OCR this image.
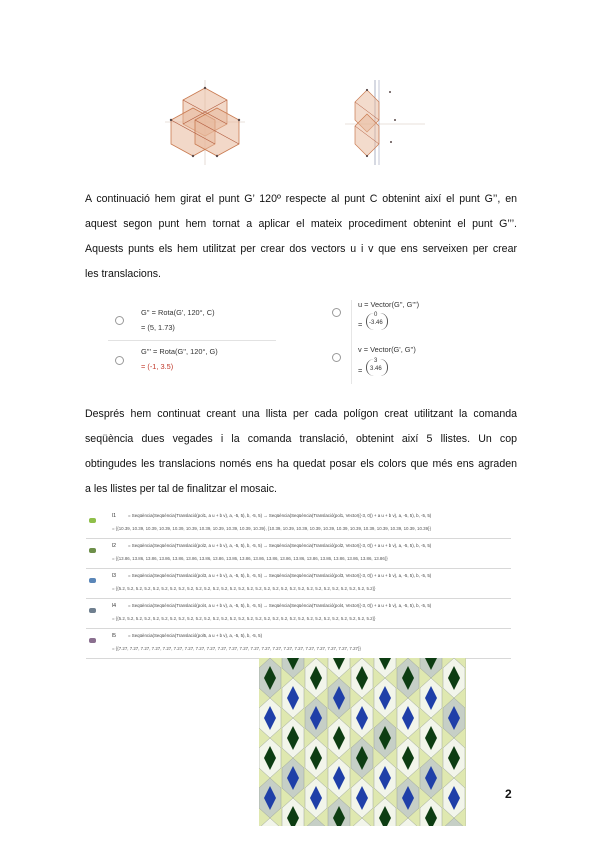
A continuació hem girat el punt G’ 120º respecte al punt C obtenint així el punt G’’, en
aquest segon punt hem tornat a aplicar el mateix procediment obtenint el punt G’’’.
Aquests punts els hem utilitzat per crear dos vectors u i v que ens serveixen per crear
les translacions.
G'' = Rota(G', 120°, C)
= (5, 1.73)
G''' = Rota(G'', 120°, G)
= (-1, 3.5)
u = Vector(G'', G''')
=
0
-3.46
v = Vector(G', G'')
=
3
3.46
Després hem continuat creant una llista per cada polígon creat utilitzant la comanda
seqüència dues vegades i la comanda translació, obtenint així 5 llistes. Un cop
obtingudes les translacions només ens ha quedat posar els colors que més ens agraden
a les llistes per tal de finalitzar el mosaic.
l1	= Seqüència(Seqüència(Translació(pol1, a u + b v), a, -5, 5), b, -5, 5) → Seqüència(Seqüència(Translació(pol1, Vector((-3, 0)) + a u + b v), a, -5, 5), b, -5, 5)
= {{10.39, 10.39, 10.39, 10.39, 10.39, 10.39, 10.39, 10.39, 10.39, 10.39, 10.39}, {10.39, 10.39, 10.39, 10.39, 10.39, 10.39, 10.39, 10.39, 10.39, 10.39, 10.39, 10.39}}
l2	= Seqüència(Seqüència(Translació(pol2, a u + b v), a, -5, 5), b, -5, 5) → Seqüència(Seqüència(Translació(pol2, Vector((-3, 0)) + a u + b v), a, -5, 5), b, -5, 5)
= {{13.86, 13.86, 13.86, 13.86, 13.86, 13.86, 13.86, 13.86, 13.86, 13.86, 13.86, 13.86, 13.86, 13.86, 13.86, 13.86, 13.86, 13.86, 13.86, 13.86}}
l3	= Seqüència(Seqüència(Translació(pol3, a u + b v), a, -5, 5), b, -5, 5) → Seqüència(Seqüència(Translació(pol3, Vector((-3, 0)) + a u + b v), a, -5, 5), b, -5, 5)
= {{5.2, 5.2, 5.2, 5.2, 5.2, 5.2, 5.2, 5.2, 5.2, 5.2, 5.2, 5.2, 5.2, 5.2, 5.2, 5.2, 5.2, 5.2, 5.2, 5.2, 5.2, 5.2, 5.2, 5.2, 5.2, 5.2, 5.2, 5.2, 5.2, 5.2}}
l4	= Seqüència(Seqüència(Translació(pol4, a u + b v), a, -5, 5), b, -5, 5) → Seqüència(Seqüència(Translació(pol4, Vector((-3, 0)) + a u + b v), a, -5, 5), b, -5, 5)
= {{5.2, 5.2, 5.2, 5.2, 5.2, 5.2, 5.2, 5.2, 5.2, 5.2, 5.2, 5.2, 5.2, 5.2, 5.2, 5.2, 5.2, 5.2, 5.2, 5.2, 5.2, 5.2, 5.2, 5.2, 5.2, 5.2, 5.2, 5.2, 5.2, 5.2}}
l5	= Seqüència(Seqüència(Translació(pol5, a u + b v), a, -5, 5), b, -5, 5)
= {{7.27, 7.27, 7.27, 7.27, 7.27, 7.27, 7.27, 7.27, 7.27, 7.27, 7.27, 7.27, 7.27, 7.27, 7.27, 7.27, 7.27, 7.27, 7.27, 7.27, 7.27, 7.27}}
2
